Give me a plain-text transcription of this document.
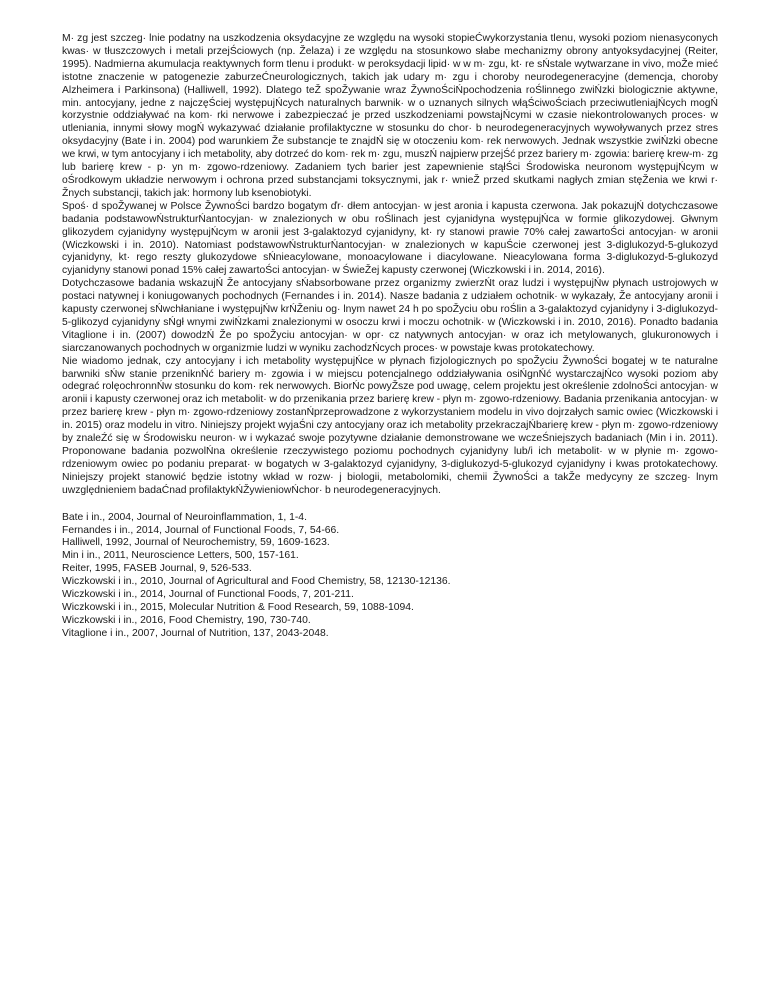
M· zg jest szczeg· lnie podatny na uszkodzenia oksydacyjne ze względu na wysoki stopieĆwykorzystania tlenu, wysoki poziom nienasyconych kwas· w tłuszczowych i metali przejŚciowych (np. Želaza) i ze względu na stosunkowo słabe mechanizmy obrony antyoksydacyjnej (Reiter, 1995). Nadmierna akumulacja reaktywnych form tlenu i produkt· w peroksydacji lipid· w w m· zgu, kt· re sŃstale wytwarzane in vivo, moŽe mieć istotne znaczenie w patogenezie zaburzeĆneurologicznych, takich jak udary m· zgu i choroby neurodegeneracyjne (demencja, choroby Alzheimera i Parkinsona) (Halliwell, 1992). Dlatego teŽ spoŽywanie wraz ŽywnoŚciŃpochodzenia roŚlinnego zwiŃzki biologicznie aktywne, min. antocyjany, jedne z najczęŚciej występujŃcych naturalnych barwnik· w o uznanych silnych włąŚciwoŚciach przeciwutleniajŃcych mogŃ korzystnie oddziaływać na kom· rki nerwowe i zabezpieczać je przed uszkodzeniami powstajŃcymi w czasie niekontrolowanych proces· w utleniania, innymi słowy mogŃ wykazywać działanie profilaktyczne w stosunku do chor· b neurodegeneracyjnych wywoływanych przez stres oksydacyjny (Bate i in. 2004) pod warunkiem Že substancje te znajdŃ się w otoczeniu kom· rek nerwowych. Jednak wszystkie zwiŃzki obecne we krwi, w tym antocyjany i ich metabolity, aby dotrzeć do kom· rek m· zgu, muszŃ najpierw przejŚć przez bariery m· zgowia: barierę krew-m· zg lub barierę krew - p· yn m· zgowo-rdzeniowy. Zadaniem tych barier jest zapewnienie stąłŚci Środowiska neuronom występujŃcym w oŚrodkowym układzie nerwowym i ochrona przed substancjami toksycznymi, jak r· wnieŽ przed skutkami nagłych zmian stęŽenia we krwi r· Žnych substancji, takich jak: hormony lub ksenobiotyki.

Spoś· d spoŽywanej w Polsce ŽywnoŚci bardzo bogatym ďr· dłem antocyjan· w jest aronia i kapusta czerwona. Jak pokazujŃ dotychczasowe badania podstawowŃstrukturŃantocyjan· w znalezionych w obu roŚlinach jest cyjanidyna występujŃca w formie glikozydowej. Głwnym glikozydem cyjanidyny występujŃcym w aronii jest 3-galaktozyd cyjanidyny, kt· ry stanowi prawie 70% całej zawartoŚci antocyjan· w aronii (Wiczkowski i in. 2010). Natomiast podstawowŃstrukturŃantocyjan· w znalezionych w kapuŚcie czerwonej jest 3-diglukozyd-5-glukozyd cyjanidyny, kt· rego reszty glukozydowe sŃnieacylowane, monoacylowane i diacylowane. Nieacylowana forma 3-diglukozyd-5-glukozyd cyjanidyny stanowi ponad 15% całej zawartoŚci antocyjan· w ŚwieŽej kapusty czerwonej (Wiczkowski i in. 2014, 2016).

Dotychczasowe badania wskazujŃ Že antocyjany sŃabsorbowane przez organizmy zwierzŃt oraz ludzi i występujŃw płynach ustrojowych w postaci natywnej i koniugowanych pochodnych (Fernandes i in. 2014). Nasze badania z udziałem ochotnik· w wykazały, Že antocyjany aronii i kapusty czerwonej sŃwchłaniane i występujŃw krŃŽeniu og· lnym nawet 24 h po spoŽyciu obu roŚlin a 3-galaktozyd cyjanidyny i 3-diglukozyd-5-glikozyd cyjanidyny sŃgł wnymi zwiŃzkami znalezionymi w osoczu krwi i moczu ochotnik· w (Wiczkowski i in. 2010, 2016). Ponadto badania Vitaglione i in. (2007) dowodzŃ Že po spoŽyciu antocyjan· w opr· cz natywnych antocyjan· w oraz ich metylowanych, glukuronowych i siarczanowanych pochodnych w organizmie ludzi w wyniku zachodzŃcych proces· w powstaje kwas protokatechowy.

Nie wiadomo jednak, czy antocyjany i ich metabolity występujŃce w płynach fizjologicznych po spoŽyciu ŽywnoŚci bogatej w te naturalne barwniki sŃw stanie przeniknŃć bariery m· zgowia i w miejscu potencjalnego oddziaływania osiŃgnŃć wystarczajŃco wysoki poziom aby odegrać rolęochronnŃw stosunku do kom· rek nerwowych. BiorŃc powyŽsze pod uwagę, celem projektu jest określenie zdolnoŚci antocyjan· w aronii i kapusty czerwonej oraz ich metabolit· w do przenikania przez barierę krew - płyn m· zgowo-rdzeniowy. Badania przenikania antocyjan· w przez barierę krew - płyn m· zgowo-rdzeniowy zostanŃprzeprowadzone z wykorzystaniem modelu in vivo dojrzałych samic owiec (Wiczkowski i in. 2015) oraz modelu in vitro. Niniejszy projekt wyjaŚni czy antocyjany oraz ich metabolity przekraczajŃbarierę krew - płyn m· zgowo-rdzeniowy by znaleŹć się w Środowisku neuron· w i wykazać swoje pozytywne działanie demonstrowane we wczeŚniejszych badaniach (Min i in. 2011). Proponowane badania pozwolŃna określenie rzeczywistego poziomu pochodnych cyjanidyny lub/i ich metabolit· w w płynie m· zgowo-rdzeniowym owiec po podaniu preparat· w bogatych w 3-galaktozyd cyjanidyny, 3-diglukozyd-5-glukozyd cyjanidyny i kwas protokatechowy. Niniejszy projekt stanowić będzie istotny wkład w rozw· j biologii, metabolomiki, chemii ŽywnoŚci a takŽe medycyny ze szczeg· lnym uwzględnieniem badaĆnad profilaktykŃŽywieniowŃchor· b neurodegeneracyjnych.

Bate i in., 2004, Journal of Neuroinflammation, 1, 1-4.

Fernandes i in., 2014, Journal of Functional Foods, 7, 54-66.

Halliwell, 1992, Journal of Neurochemistry, 59, 1609-1623.

Min i in., 2011, Neuroscience Letters, 500, 157-161.

Reiter, 1995, FASEB Journal, 9, 526-533.

Wiczkowski i in., 2010, Journal of Agricultural and Food Chemistry, 58, 12130-12136.

Wiczkowski i in., 2014, Journal of Functional Foods, 7, 201-211.

Wiczkowski i in., 2015, Molecular Nutrition & Food Research, 59, 1088-1094.

Wiczkowski i in., 2016, Food Chemistry, 190, 730-740.

Vitaglione i in., 2007, Journal of Nutrition, 137, 2043-2048.
